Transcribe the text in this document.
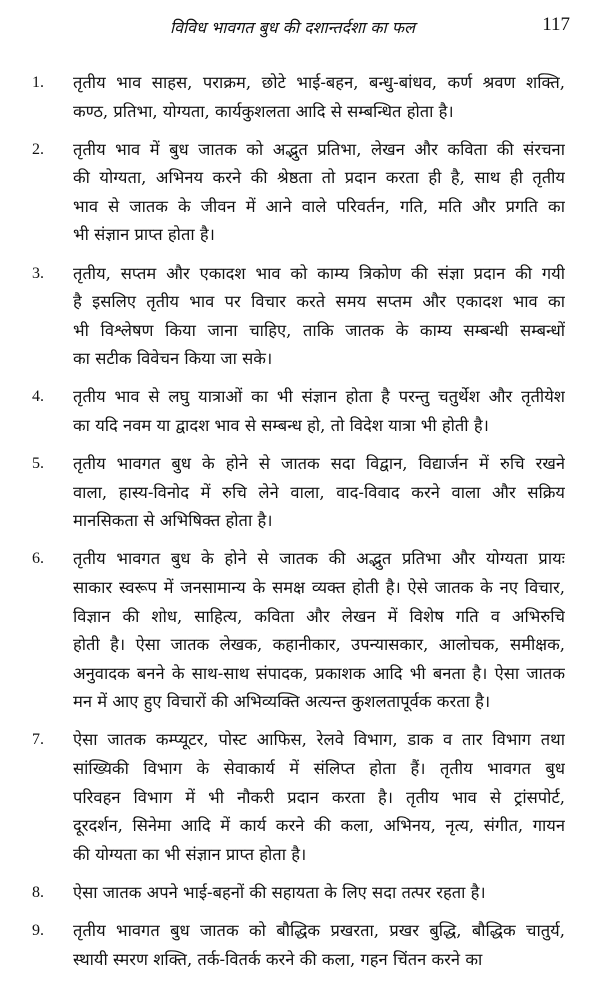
विविध भावगत बुध की दशान्तर्दशा का फल	117
1. तृतीय भाव साहस, पराक्रम, छोटे भाई-बहन, बन्धु-बांधव, कर्ण श्रवण शक्ति,
कण्ठ, प्रतिभा, योग्यता, कार्यकुशलता आदि से सम्बन्धित होता है।
2. तृतीय भाव में बुध जातक को अद्भुत प्रतिभा, लेखन और कविता की संरचना
की योग्यता, अभिनय करने की श्रेष्ठता तो प्रदान करता ही है, साथ ही तृतीय
भाव से जातक के जीवन में आने वाले परिवर्तन, गति, मति और प्रगति का
भी संज्ञान प्राप्त होता है।
3. तृतीय, सप्तम और एकादश भाव को काम्य त्रिकोण की संज्ञा प्रदान की गयी
है इसलिए तृतीय भाव पर विचार करते समय सप्तम और एकादश भाव का
भी विश्लेषण किया जाना चाहिए, ताकि जातक के काम्य सम्बन्धी सम्बन्धों
का सटीक विवेचन किया जा सके।
4. तृतीय भाव से लघु यात्राओं का भी संज्ञान होता है परन्तु चतुर्थेश और तृतीयेश
का यदि नवम या द्वादश भाव से सम्बन्ध हो, तो विदेश यात्रा भी होती है।
5. तृतीय भावगत बुध के होने से जातक सदा विद्वान, विद्यार्जन में रुचि रखने
वाला, हास्य-विनोद में रुचि लेने वाला, वाद-विवाद करने वाला और सक्रिय
मानसिकता से अभिषिक्त होता है।
6. तृतीय भावगत बुध के होने से जातक की अद्भुत प्रतिभा और योग्यता प्रायः
साकार स्वरूप में जनसामान्य के समक्ष व्यक्त होती है। ऐसे जातक के नए विचार,
विज्ञान की शोध, साहित्य, कविता और लेखन में विशेष गति व अभिरुचि
होती है। ऐसा जातक लेखक, कहानीकार, उपन्यासकार, आलोचक, समीक्षक,
अनुवादक बनने के साथ-साथ संपादक, प्रकाशक आदि भी बनता है। ऐसा जातक
मन में आए हुए विचारों की अभिव्यक्ति अत्यन्त कुशलतापूर्वक करता है।
7. ऐसा जातक कम्प्यूटर, पोस्ट आफिस, रेलवे विभाग, डाक व तार विभाग तथा
सांख्यिकी विभाग के सेवाकार्य में संलिप्त होता हैं। तृतीय भावगत बुध
परिवहन विभाग में भी नौकरी प्रदान करता है। तृतीय भाव से ट्रांसपोर्ट,
दूरदर्शन, सिनेमा आदि में कार्य करने की कला, अभिनय, नृत्य, संगीत, गायन
की योग्यता का भी संज्ञान प्राप्त होता है।
8. ऐसा जातक अपने भाई-बहनों की सहायता के लिए सदा तत्पर रहता है।
9. तृतीय भावगत बुध जातक को बौद्धिक प्रखरता, प्रखर बुद्धि, बौद्धिक चातुर्य,
स्थायी स्मरण शक्ति, तर्क-वितर्क करने की कला, गहन चिंतन करने का
